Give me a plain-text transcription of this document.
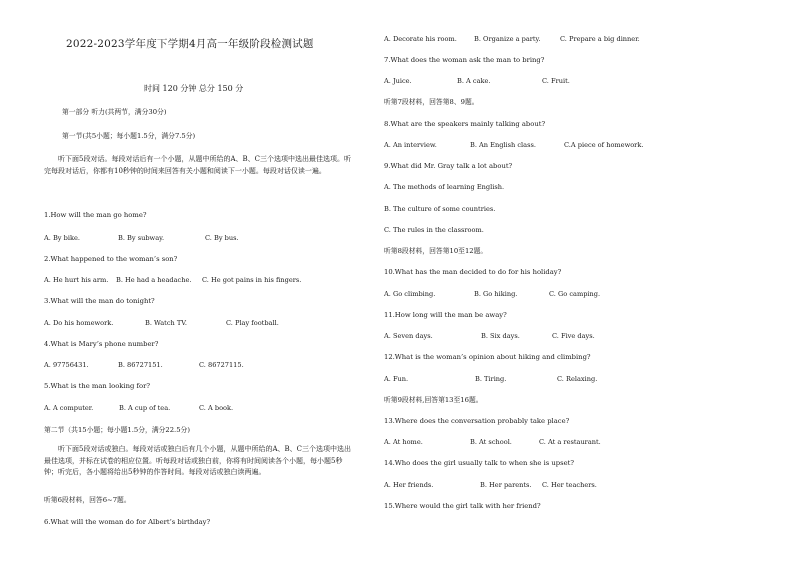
2022-2023学年度下学期4月高一年级阶段检测试题
时间 120 分钟 总分 150 分
第一部分 听力(共两节，满分30分)
第一节(共5小题；每小题1.5分，满分7.5分)
听下面5段对话。每段对话后有一个小题，从题中所给的A、B、C三个选项中选出最佳选项。听完每段对话后，你都有10秒钟的时间来回答有关小题和阅读下一小题。每段对话仅读一遍。
1.How will the man go home?
A. By bike.	B. By subway.	C. By bus.
2.What happened to the woman’s son?
A. He hurt his arm. B. He had a headache. C. He got pains in his fingers.
3.What will the man do tonight?
A. Do his homework.	B. Watch TV.	C. Play football.
4.What is Mary’s phone number?
A. 97756431.	B. 86727151.	C. 86727115.
5.What is the man looking for?
A. A computer.	B. A cup of tea.	C. A book.
第二节（共15小题；每小题1.5分，满分22.5分)
听下面5段对话或独白。每段对话或独白后有几个小题，从题中所给的A、B、C三个选项中选出最佳选项，并标在试卷的相应位置。听每段对话或独白前，你将有时间阅读各个小题，每小题5秒钟；听完后，各小题将给出5秒钟的作答时间。每段对话或独白读两遍。
听第6段材料，回答6~7题。
6.What will the woman do for Albert’s birthday?
A. Decorate his room.	B. Organize a party.	C. Prepare a big dinner.
7.What does the woman ask the man to bring?
A. Juice.	B. A cake.	C. Fruit.
听第7段材料，回答第8、9题。
8.What are the speakers mainly talking about?
A. An interview.	B. An English class.	C.A piece of homework.
9.What did Mr. Gray talk a lot about?
A. The methods of learning English.
B. The culture of some countries.
C. The rules in the classroom.
听第8段材料，回答第10至12题。
10.What has the man decided to do for his holiday?
A. Go climbing.	B. Go hiking.	C. Go camping.
11.How long will the man be away?
A. Seven days.	B. Six days.	C. Five days.
12.What is the woman’s opinion about hiking and climbing?
A. Fun.	B. Tiring.	C. Relaxing.
听第9段材料,回答第13至16题。
13.Where does the conversation probably take place?
A. At home.	B. At school.	C. At a restaurant.
14.Who does the girl usually talk to when she is upset?
A. Her friends.	B. Her parents. C. Her teachers.
15.Where would the girl talk with her friend?
